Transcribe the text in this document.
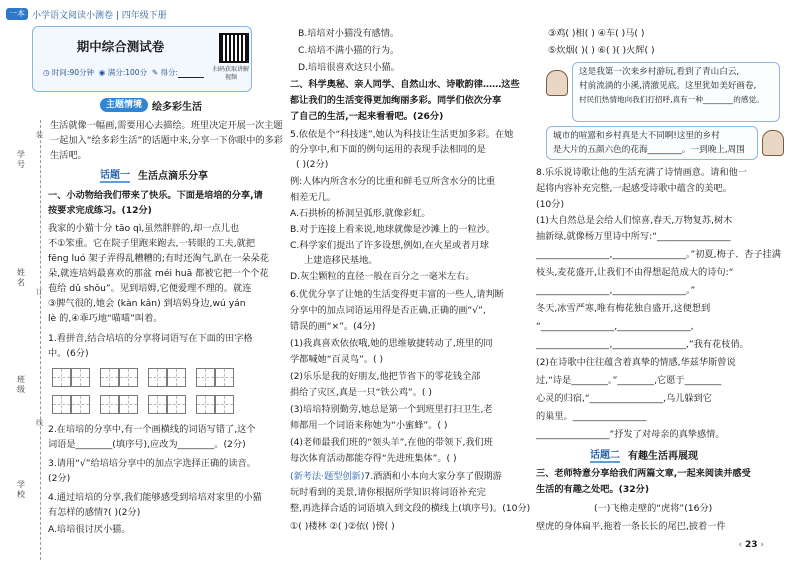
一本 小学语文阅读小测卷 | 四年级下册
期中综合测试卷
◷ 时间:90分钟 ◉ 满分:100分 ✎ 得分:	扫码获取讲解视频
主题情境	绘多彩生活
生活就像一幅画,需要用心去描绘。班里决定开展一次主题
一起加入“绘多彩生活”的话题中来,分享一下你眼中的多彩
生活吧。
学号
姓名
班级
学校
装
订
线
话题一 生活点滴乐分享
一、小动物给我们带来了快乐。下面是培培的分享,请
按要求完成练习。(12分)
我家的小猫十分 tāo qì,虽然胖胖的,却一点儿也
不①笨重。它在院子里跑来跑去,一转眼的工夫,就把
fēng luó 架子弄得乱糟糟的;有时还淘气,趴在一朵朵花
朵,就连培妈最喜欢的那盆 méi huā 都被它把一个个花
苞给 dǔ shǒu”。见到培姆,它便爱理不理的。就连
③脾气很的,她会 (kàn kǎn) 到培妈身边,wú yán
lè 的,④乖巧地“喵喵”叫着。
1.看拼音,结合培培的分享将词语写在下面的田字格
中。(6分)
2.在培培的分享中,有一个画横线的词语写错了,这个
词语是________(填序号),应改为________。(2分)
3.请用“√”给培培分享中的加点字选择正确的读音。
(2分)
4.通过培培的分享,我们能够感受到培培对家里的小猫
有怎样的感情?( )(2分)
A.培培很讨厌小猫。
B.培培对小猫没有感情。
C.培培不满小猫的行为。
D.培培很喜欢这只小猫。
二、科学奥秘、亲人同学、自然山水、诗歌韵律……这些
都让我们的生活变得更加绚丽多彩。同学们依次分享
了自己的生活,一起来看看吧。(26分)
5.依依是个“科技迷”,她认为科技让生活更加多彩。在她
的分享中,和下面的例句运用的表现手法相同的是
( )(2分)
例:人体内所含水分的比重和鲜毛豆所含水分的比重
相差无几。
A.石拱桥的桥洞呈弧形,就像彩虹。
B.对于连接上看来说,地球就像是沙滩上的一粒沙。
C.科学家们提出了许多设想,例如,在火星或者月球
上建造移民基地。
D.灰尘颗粒的直径一般在百分之一毫米左右。
6.优优分享了让她的生活变得更丰富的一些人,请判断
分享中的加点词语运用得是否正确,正确的画“√”,
错误的画“×”。(4分)
(1)我真喜欢依依哦,她的思维敏捷转动了,班里的同
学都喊她“百灵鸟”。( )
(2)乐乐是我的好朋友,他把节省下的零花钱全部
捐给了灾区,真是一只“铁公鸡”。( )
(3)培培特别勤劳,她总是第一个到班里打扫卫生,老
师都用一个词语来称她为“小蜜蜂”。( )
(4)老师最我们班的“领头羊”,在他的带领下,我们班
每次体育活动都能夺得“先进班集体”。( )
(新考法·题型创新)7.酒酒和小本向大家分享了假期游
玩时看到的美景,请你根据所学知识将词语补充完
整,再选择合适的词语填入到文段的横线上(填序号)。(10分)
①( )楼林 ②( )②依( )傍( )
③鸡( )相( ) ④车( )马( )
⑤炊烟( )( ) ⑥( )( )火辉( )
这是我第一次来乡村游玩,看到了青山白云,
村前流淌的小溪,清澈见底。这里犹如美好画卷,
村民们热情地向我们打招呼,真有一种________的感觉。
城市的喧嚣和乡村真是大不同啊!这里的乡村
是大片的五颜六色的花海________。一到晚上,周围
8.乐乐说诗歌让他的生活充满了诗情画意。请和他一
起将内容补充完整,一起感受诗歌中蕴含的美吧。
(10分)
(1)大自然总是会给人们惊喜,春天,万物复苏,树木
抽新绿,就像杨万里诗中所写:“________________
________________,________________。”初夏,梅子、杏子挂满
枝头,麦花盛开,让我们不由得想起范成大的诗句:“
________________,________________。”
冬天,冰雪严寒,唯有梅花独自盛开,这便想到
“________________,________________,
________________,________________,”我有花枝俏。
(2)在诗歌中往往蕴含着真挚的情感,华兹华斯曾说
过,“诗是________。”________,它愿于________
心灵的归宿,“________________,乌儿躲到它
的巢里。________________
________________”抒发了对母亲的真挚感情。
话题二 有趣生活再展现
三、老师特意分享给我们两篇文章,一起来阅读并感受
生活的有趣之处吧。(32分)
(一)飞檐走壁的“虎将”(16分)
壁虎的身体扁平,拖着一条长长的尾巴,披着一件
‹ 23 ›
